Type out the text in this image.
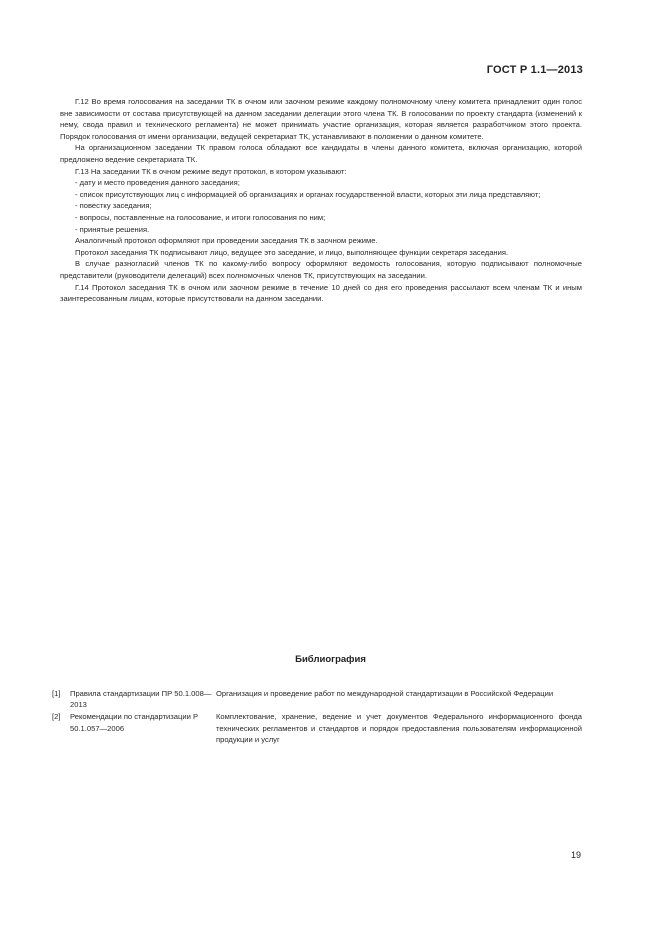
ГОСТ Р 1.1—2013

Г.12 Во время голосования на заседании ТК в очном или заочном режиме каждому полномочному члену комитета принадлежит один голос вне зависимости от состава присутствующей на данном заседании делегации этого члена ТК. В голосовании по проекту стандарта (изменений к нему, свода правил и технического регламента) не может принимать участие организация, которая является разработчиком этого проекта. Порядок голосования от имени организации, ведущей секретариат ТК, устанавливают в положении о данном комитете.

На организационном заседании ТК правом голоса обладают все кандидаты в члены данного комитета, включая организацию, которой предложено ведение секретариата ТК.

Г.13 На заседании ТК в очном режиме ведут протокол, в котором указывают:

- дату и место проведения данного заседания;

- список присутствующих лиц с информацией об организациях и органах государственной власти, которых эти лица представляют;

- повестку заседания;

- вопросы, поставленные на голосование, и итоги голосования по ним;

- принятые решения.

Аналогичный протокол оформляют при проведении заседания ТК в заочном режиме.

Протокол заседания ТК подписывают лицо, ведущее это заседание, и лицо, выполняющее функции секретаря заседания.

В случае разногласий членов ТК по какому-либо вопросу оформляют ведомость голосования, которую подписывают полномочные представители (руководители делегаций) всех полномочных членов ТК, присутствующих на заседании.

Г.14 Протокол заседания ТК в очном или заочном режиме в течение 10 дней со дня его проведения рассылают всем членам ТК и иным заинтересованным лицам, которые присутствовали на данном заседании.

Библиография
[1]	Правила стандартизации ПР 50.1.008—2013
Организация и проведение работ по международной стандартизации в Российской Федерации
[2]	Рекомендации по стандартизации Р 50.1.057—2006
Комплектование, хранение, ведение и учет документов Федерального информационного фонда технических регламентов и стандартов и порядок предоставления пользователям информационной продукции и услуг
19
